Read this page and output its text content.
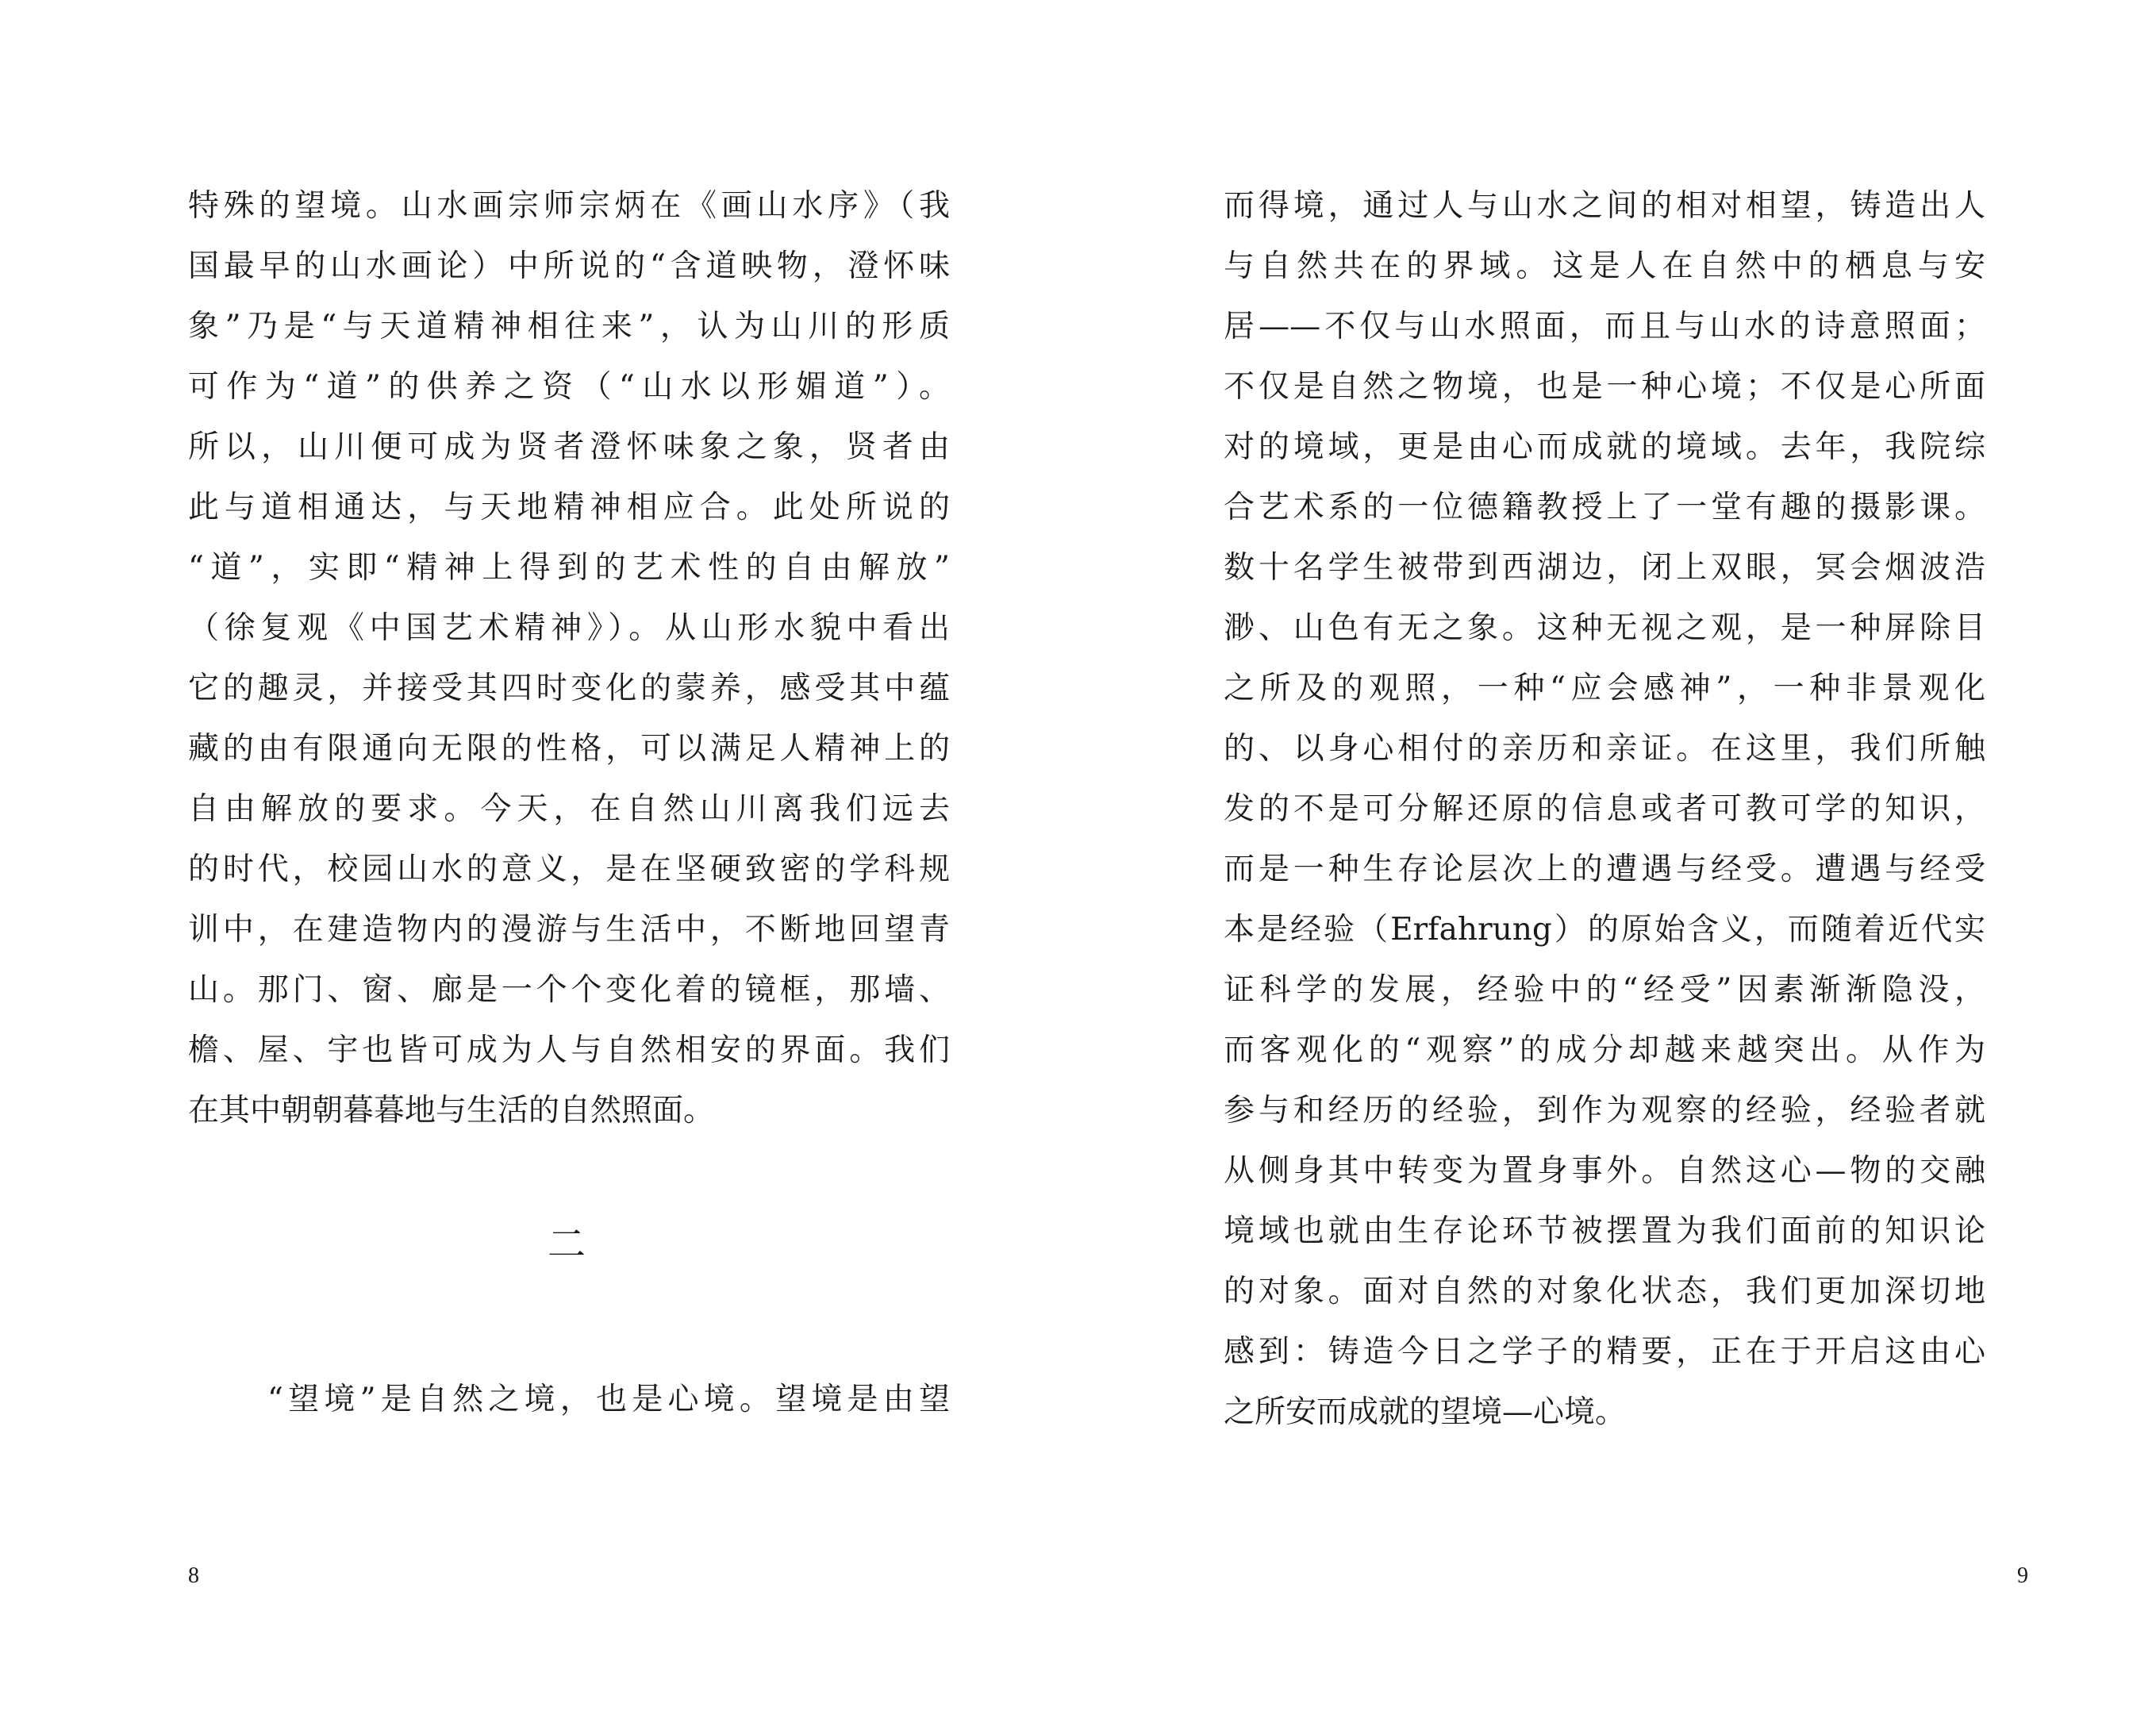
特殊的望境。山水画宗师宗炳在《画山水序》（我
国最早的山水画论）中所说的“含道映物，澄怀味
象”乃是“与天道精神相往来”，认为山川的形质
可作为“道”的供养之资（“山水以形媚道”）。
所以，山川便可成为贤者澄怀味象之象，贤者由
此与道相通达，与天地精神相应合。此处所说的
“道”，实即“精神上得到的艺术性的自由解放”
（徐复观《中国艺术精神》）。从山形水貌中看出
它的趣灵，并接受其四时变化的蒙养，感受其中蕴
藏的由有限通向无限的性格，可以满足人精神上的
自由解放的要求。今天，在自然山川离我们远去
的时代，校园山水的意义，是在坚硬致密的学科规
训中，在建造物内的漫游与生活中，不断地回望青
山。那门、窗、廊是一个个变化着的镜框，那墙、
檐、屋、宇也皆可成为人与自然相安的界面。我们
在其中朝朝暮暮地与生活的自然照面。
二
“望境”是自然之境，也是心境。望境是由望
8
而得境，通过人与山水之间的相对相望，铸造出人
与自然共在的界域。这是人在自然中的栖息与安
居——不仅与山水照面，而且与山水的诗意照面；
不仅是自然之物境，也是一种心境；不仅是心所面
对的境域，更是由心而成就的境域。去年，我院综
合艺术系的一位德籍教授上了一堂有趣的摄影课。
数十名学生被带到西湖边，闭上双眼，冥会烟波浩
渺、山色有无之象。这种无视之观，是一种屏除目
之所及的观照，一种“应会感神”，一种非景观化
的、以身心相付的亲历和亲证。在这里，我们所触
发的不是可分解还原的信息或者可教可学的知识，
而是一种生存论层次上的遭遇与经受。遭遇与经受
本是经验（Erfahrung）的原始含义，而随着近代实
证科学的发展，经验中的“经受”因素渐渐隐没，
而客观化的“观察”的成分却越来越突出。从作为
参与和经历的经验，到作为观察的经验，经验者就
从侧身其中转变为置身事外。自然这心—物的交融
境域也就由生存论环节被摆置为我们面前的知识论
的对象。面对自然的对象化状态，我们更加深切地
感到：铸造今日之学子的精要，正在于开启这由心
之所安而成就的望境—心境。
9
